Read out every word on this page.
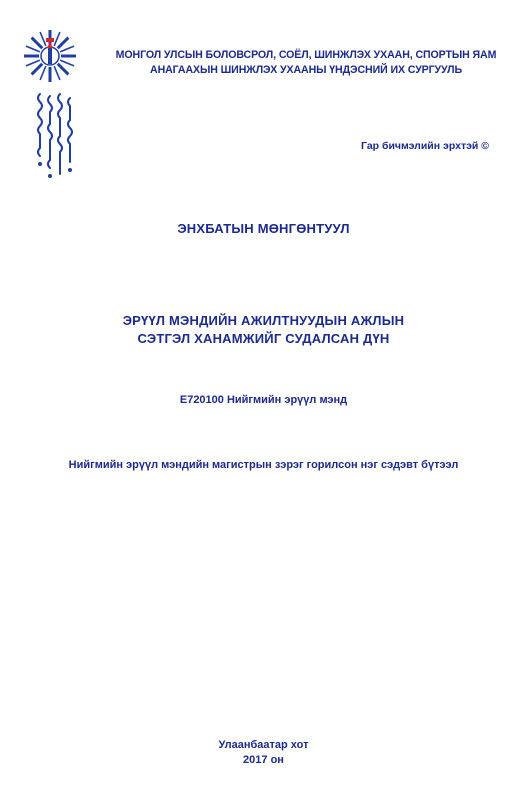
МОНГОЛ УЛСЫН БОЛОВСРОЛ, СОЁЛ, ШИНЖЛЭХ УХААН, СПОРТЫН ЯАМ
АНАГААХЫН ШИНЖЛЭХ УХААНЫ ҮНДЭСНИЙ ИХ СУРГУУЛЬ
Гар бичмэлийн эрхтэй ©
ЭНХБАТЫН МӨНГӨНТУУЛ
ЭРҮҮЛ МЭНДИЙН АЖИЛТНУУДЫН АЖЛЫН
СЭТГЭЛ ХАНАМЖИЙГ СУДАЛСАН ДҮН
E720100 Нийгмийн эрүүл мэнд
Нийгмийн эрүүл мэндийн магистрын зэрэг горилсон нэг сэдэвт бүтээл
Улаанбаатар хот
2017 он
